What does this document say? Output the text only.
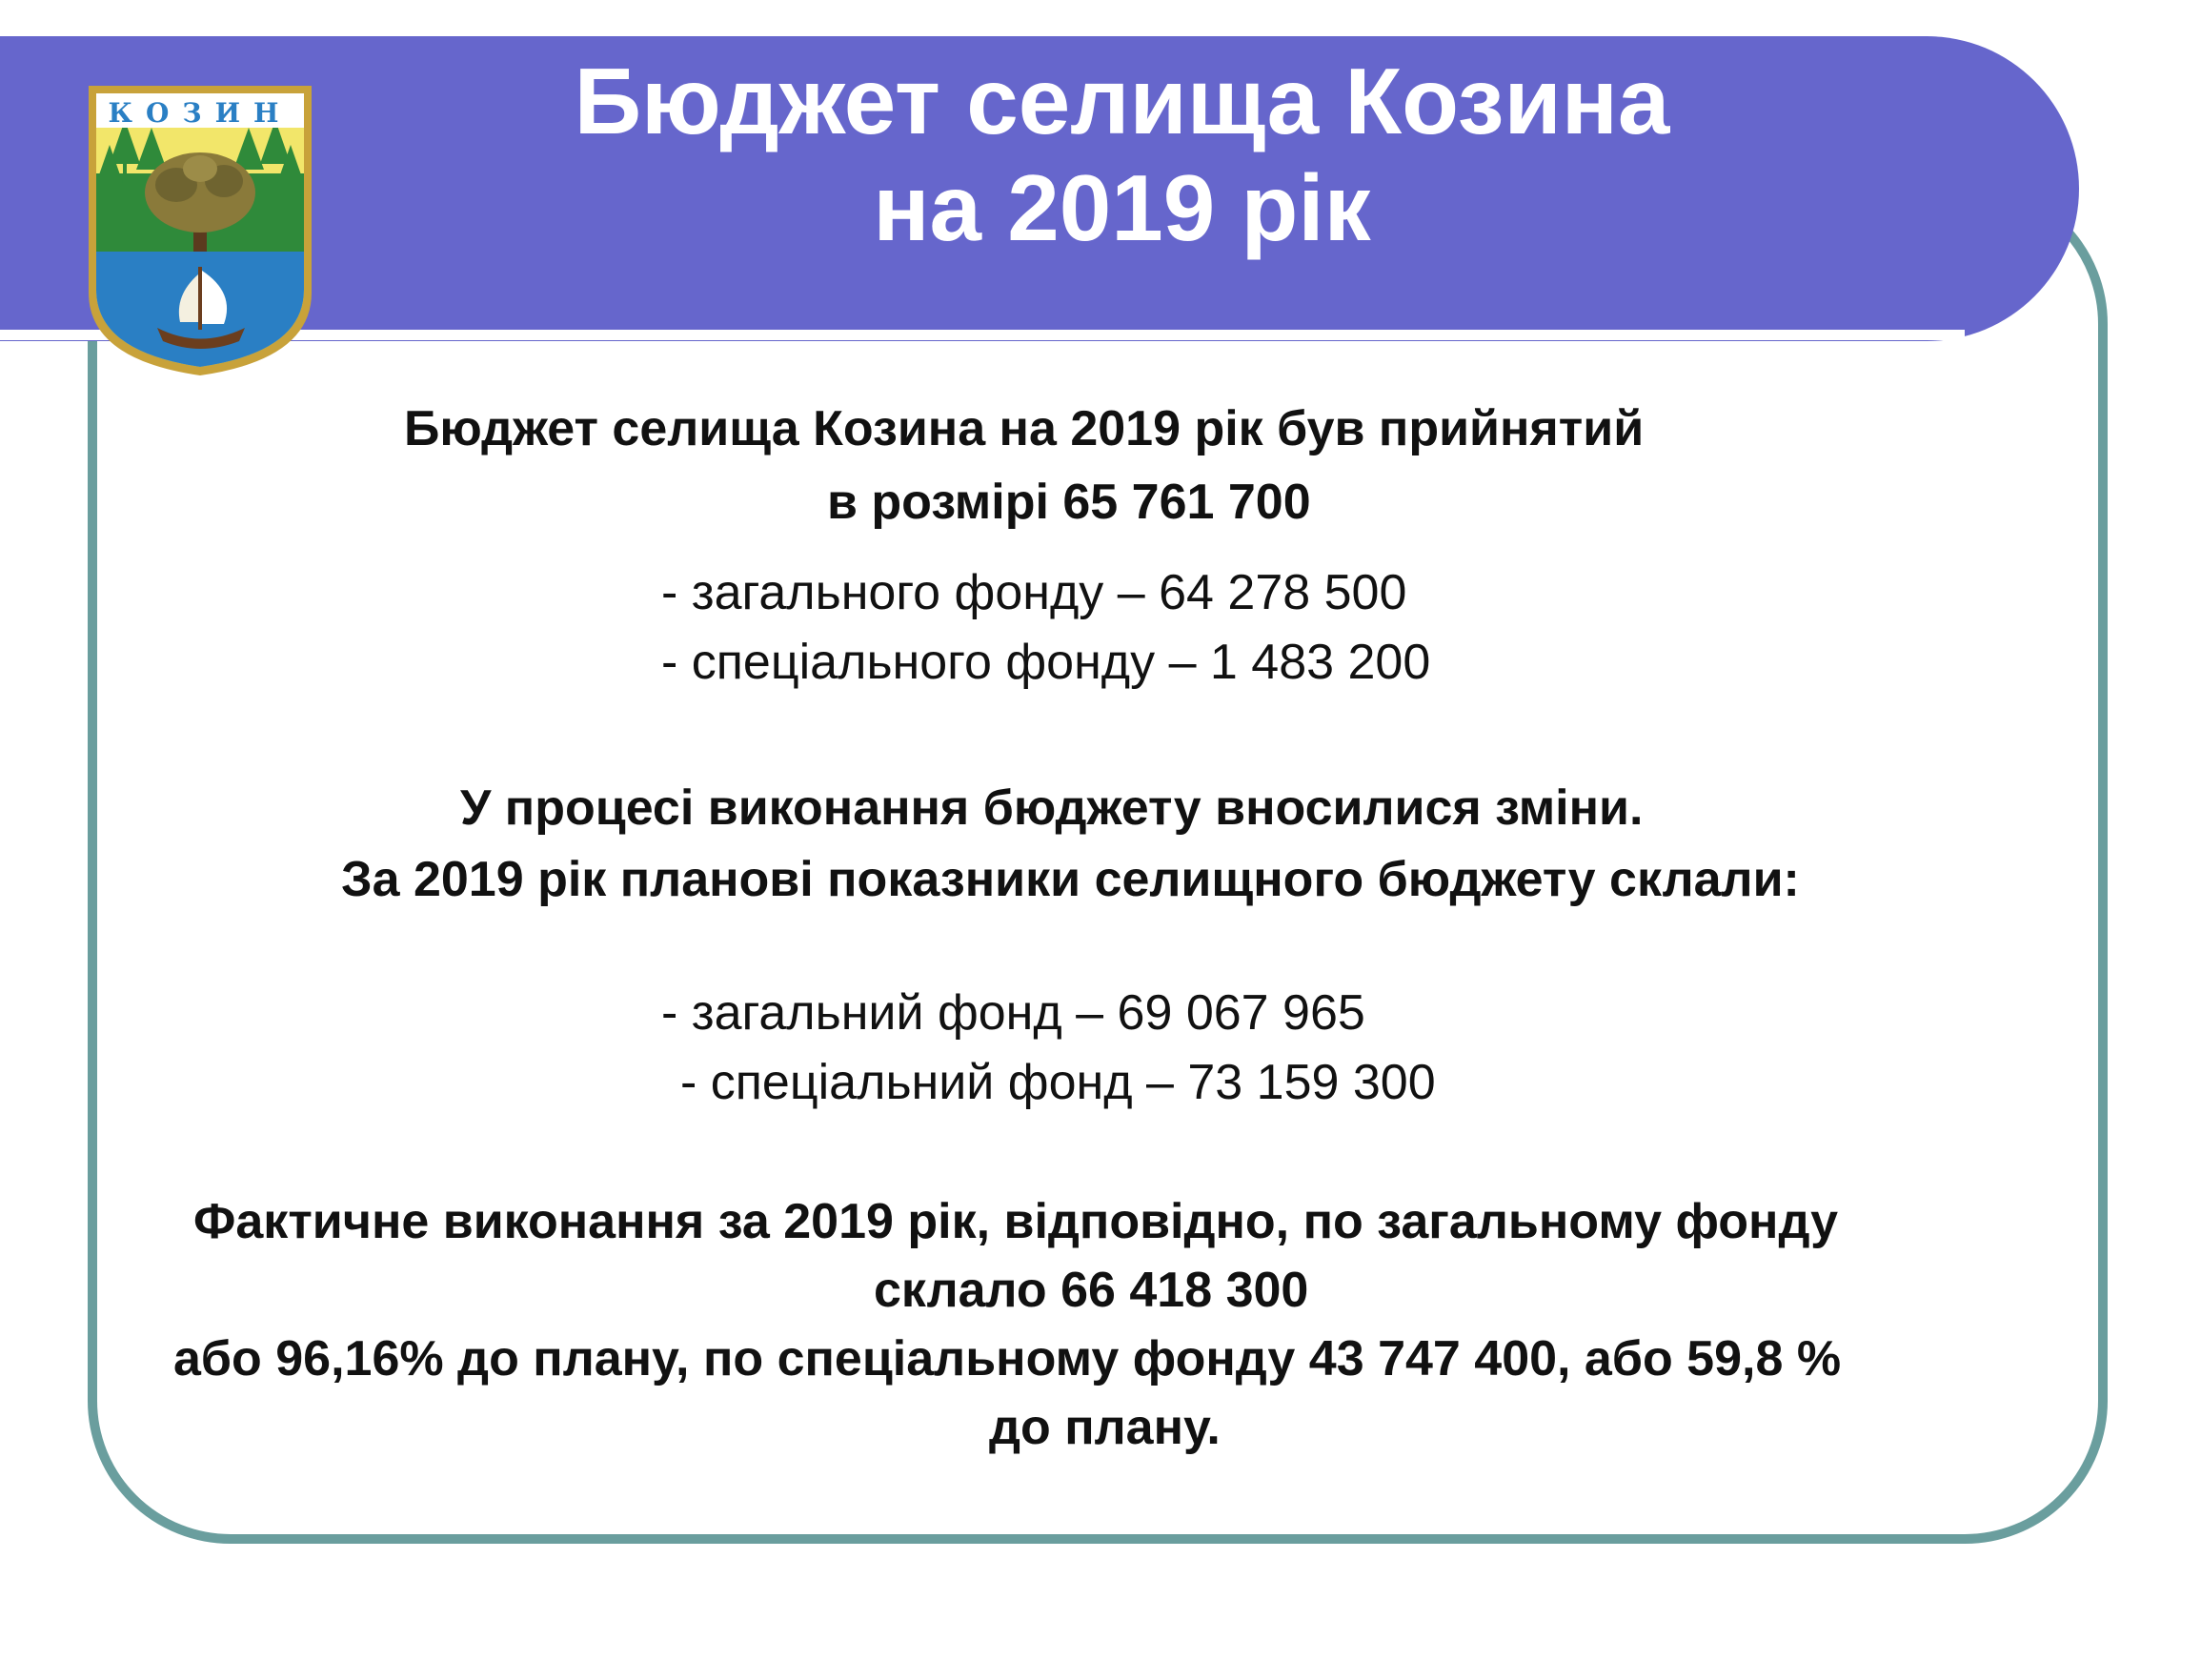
Бюджет селища Козина
на 2019 рік
КОЗИН

Бюджет селища Козина на 2019 рік був прийнятий

в розмірі 65 761 700

- загального фонду – 64 278 500

- спеціального фонду – 1 483 200

У процесі виконання бюджету вносилися зміни.

За 2019 рік планові показники селищного бюджету склали:

- загальний фонд – 69 067 965

- спеціальний фонд – 73 159 300

Фактичне виконання за 2019 рік, відповідно, по загальному фонду

склало 66 418 300

або 96,16% до плану, по спеціальному фонду 43 747 400, або 59,8 %

до плану.
